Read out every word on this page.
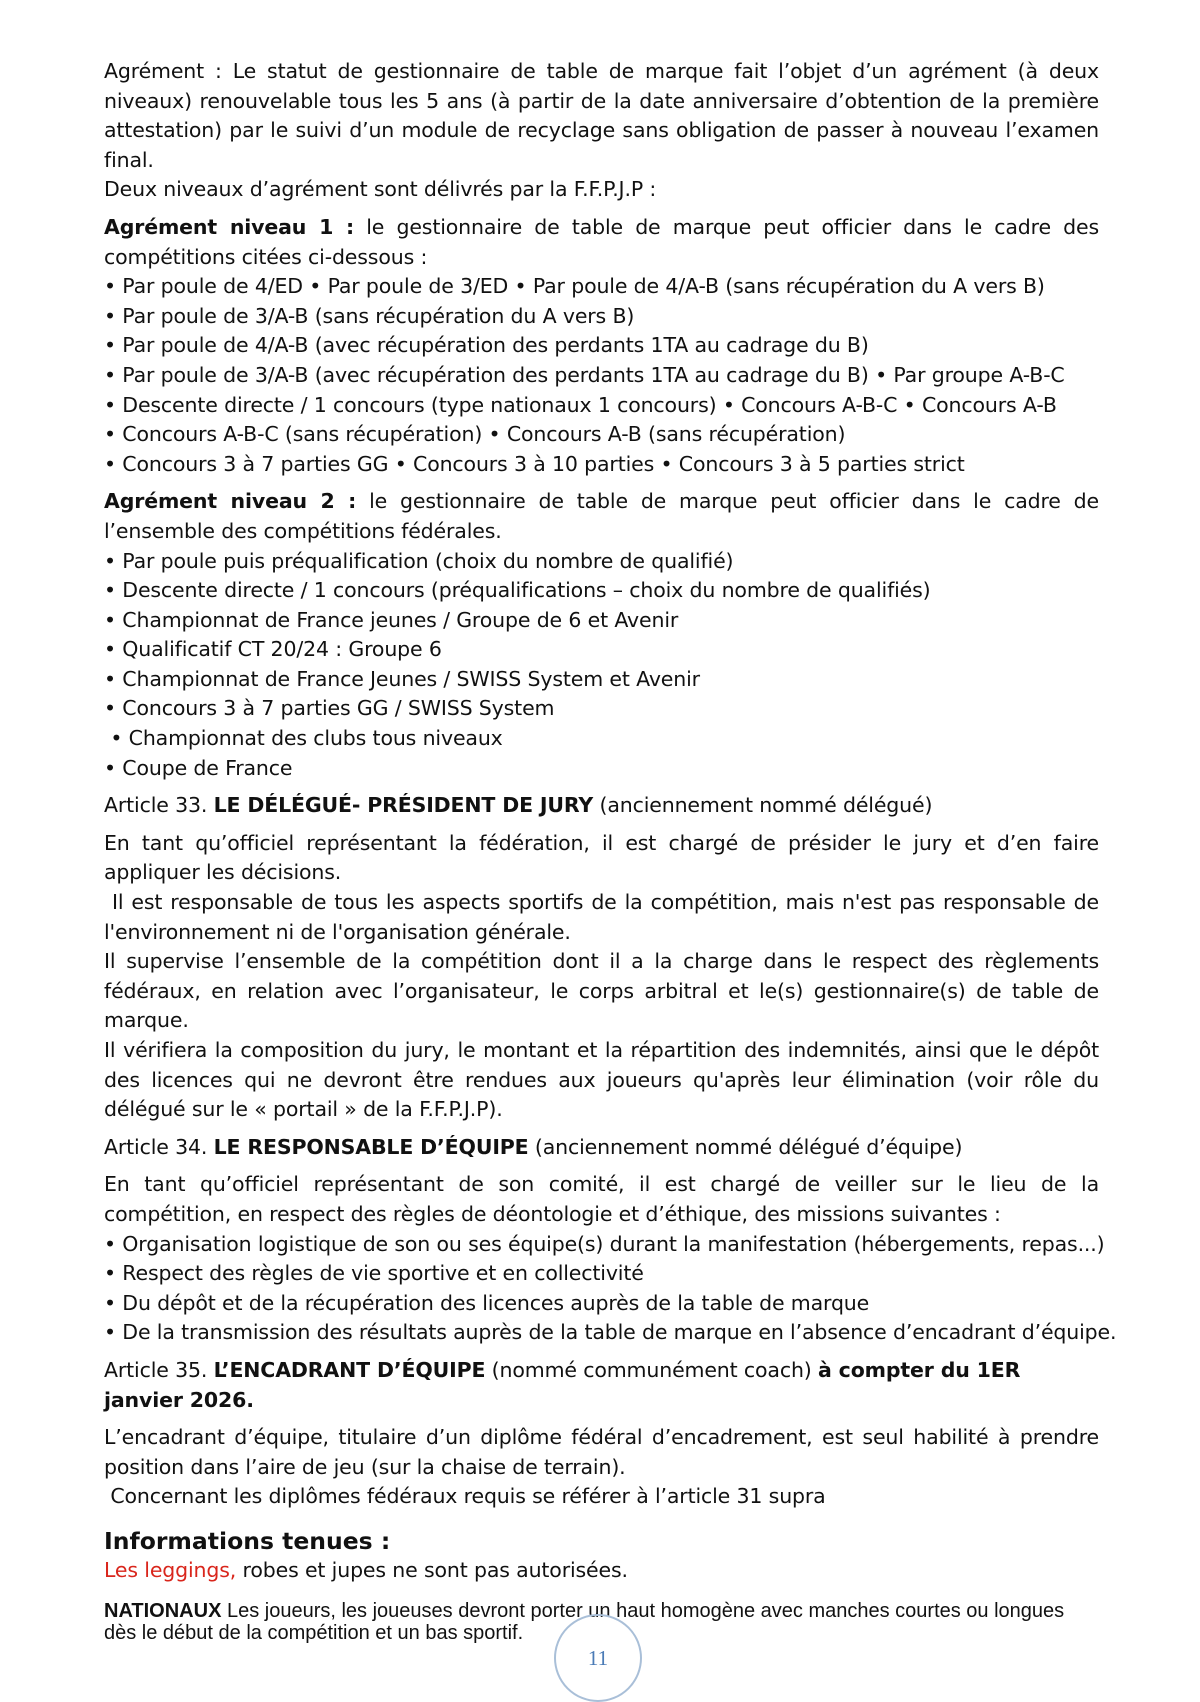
Agrément : Le statut de gestionnaire de table de marque fait l’objet d’un agrément (à deux niveaux) renouvelable tous les 5 ans (à partir de la date anniversaire d’obtention de la première attestation) par le suivi d’un module de recyclage sans obligation de passer à nouveau l’examen final.

Deux niveaux d’agrément sont délivrés par la F.F.P.J.P :

Agrément niveau 1 : le gestionnaire de table de marque peut officier dans le cadre des compétitions citées ci-dessous :

• Par poule de 4/ED • Par poule de 3/ED • Par poule de 4/A-B (sans récupération du A vers B)
• Par poule de 3/A-B (sans récupération du A vers B)
• Par poule de 4/A-B (avec récupération des perdants 1TA au cadrage du B)
• Par poule de 3/A-B (avec récupération des perdants 1TA au cadrage du B) • Par groupe A-B-C
• Descente directe / 1 concours (type nationaux 1 concours) • Concours A-B-C • Concours A-B
• Concours A-B-C (sans récupération) • Concours A-B (sans récupération)
• Concours 3 à 7 parties GG • Concours 3 à 10 parties • Concours 3 à 5 parties strict

Agrément niveau 2 : le gestionnaire de table de marque peut officier dans le cadre de l’ensemble des compétitions fédérales.

• Par poule puis préqualification (choix du nombre de qualifié)
• Descente directe / 1 concours (préqualifications – choix du nombre de qualifiés)
• Championnat de France jeunes / Groupe de 6 et Avenir
• Qualificatif CT 20/24 : Groupe 6
• Championnat de France Jeunes / SWISS System et Avenir
• Concours 3 à 7 parties GG / SWISS System
• Championnat des clubs tous niveaux
• Coupe de France

Article 33. LE DÉLÉGUÉ- PRÉSIDENT DE JURY (anciennement nommé délégué)

En tant qu’officiel représentant la fédération, il est chargé de présider le jury et d’en faire appliquer les décisions.

Il est responsable de tous les aspects sportifs de la compétition, mais n'est pas responsable de l'environnement ni de l'organisation générale.

Il supervise l’ensemble de la compétition dont il a la charge dans le respect des règlements fédéraux, en relation avec l’organisateur, le corps arbitral et le(s) gestionnaire(s) de table de marque.

Il vérifiera la composition du jury, le montant et la répartition des indemnités, ainsi que le dépôt des licences qui ne devront être rendues aux joueurs qu'après leur élimination (voir rôle du délégué sur le « portail » de la F.F.P.J.P).

Article 34. LE RESPONSABLE D’ÉQUIPE (anciennement nommé délégué d’équipe)

En tant qu’officiel représentant de son comité, il est chargé de veiller sur le lieu de la compétition, en respect des règles de déontologie et d’éthique, des missions suivantes :

• Organisation logistique de son ou ses équipe(s) durant la manifestation (hébergements, repas...)
• Respect des règles de vie sportive et en collectivité
• Du dépôt et de la récupération des licences auprès de la table de marque
• De la transmission des résultats auprès de la table de marque en l’absence d’encadrant d’équipe.

Article 35. L’ENCADRANT D’ÉQUIPE (nommé communément coach) à compter du 1ER janvier 2026.

L’encadrant d’équipe, titulaire d’un diplôme fédéral d’encadrement, est seul habilité à prendre position dans l’aire de jeu (sur la chaise de terrain).

Concernant les diplômes fédéraux requis se référer à l’article 31 supra

Informations tenues :

Les leggings, robes et jupes ne sont pas autorisées.

NATIONAUX Les joueurs, les joueuses devront porter un haut homogène avec manches courtes ou longues dès le début de la compétition et un bas sportif.

11
